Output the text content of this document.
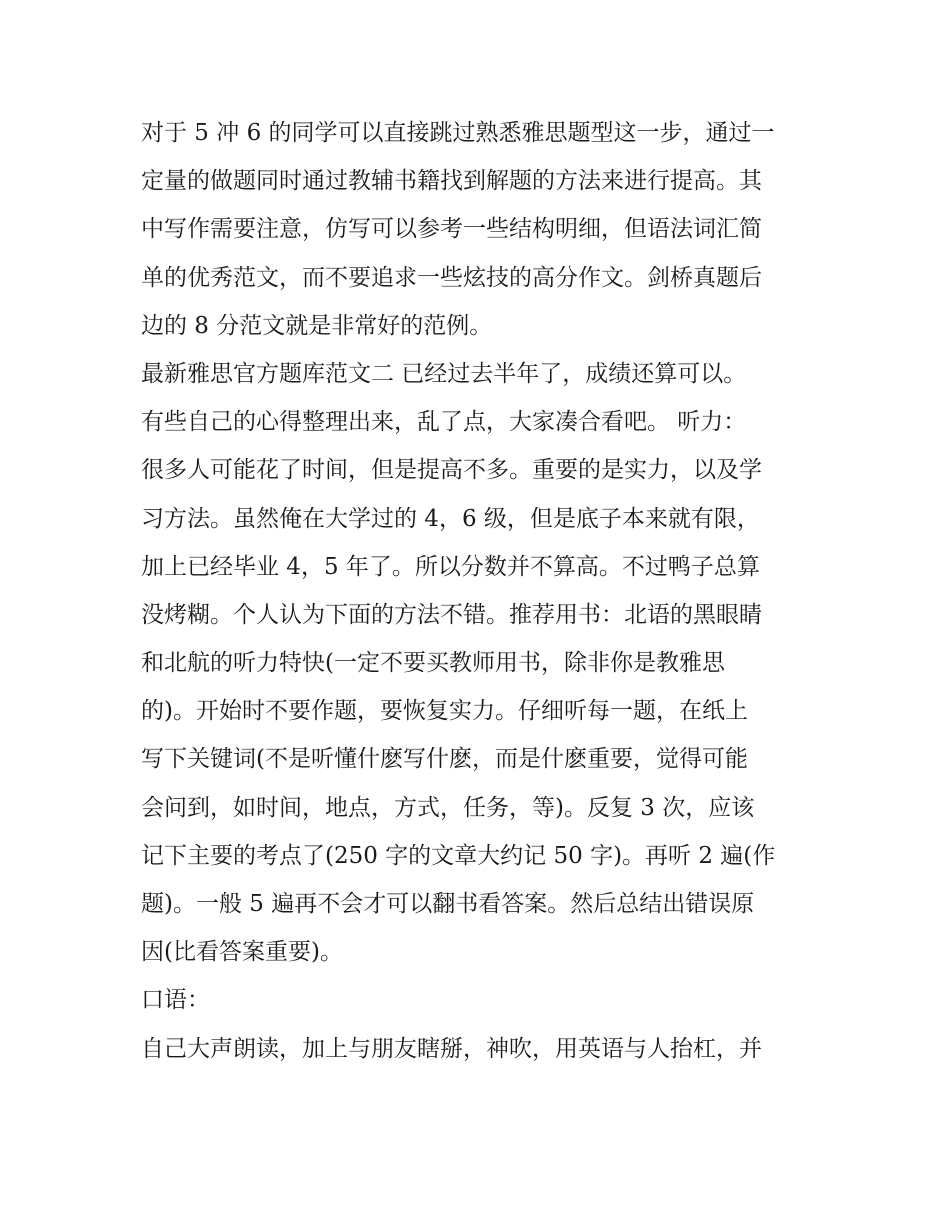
对于 5 冲 6 的同学可以直接跳过熟悉雅思题型这一步，通过一
定量的做题同时通过教辅书籍找到解题的方法来进行提高。其
中写作需要注意，仿写可以参考一些结构明细，但语法词汇简
单的优秀范文，而不要追求一些炫技的高分作文。剑桥真题后
边的 8 分范文就是非常好的范例。
最新雅思官方题库范文二 已经过去半年了，成绩还算可以。
有些自己的心得整理出来，乱了点，大家凑合看吧。 听力：
很多人可能花了时间，但是提高不多。重要的是实力，以及学
习方法。虽然俺在大学过的 4，6 级，但是底子本来就有限，
加上已经毕业 4，5 年了。所以分数并不算高。不过鸭子总算
没烤糊。个人认为下面的方法不错。推荐用书：北语的黑眼睛
和北航的听力特快(一定不要买教师用书，除非你是教雅思
的)。开始时不要作题，要恢复实力。仔细听每一题，在纸上
写下关键词(不是听懂什麽写什麽，而是什麽重要，觉得可能
会问到，如时间，地点，方式，任务，等)。反复 3 次，应该
记下主要的考点了(250 字的文章大约记 50 字)。再听 2 遍(作
题)。一般 5 遍再不会才可以翻书看答案。然后总结出错误原
因(比看答案重要)。
口语：
自己大声朗读，加上与朋友瞎掰，神吹，用英语与人抬杠，并
